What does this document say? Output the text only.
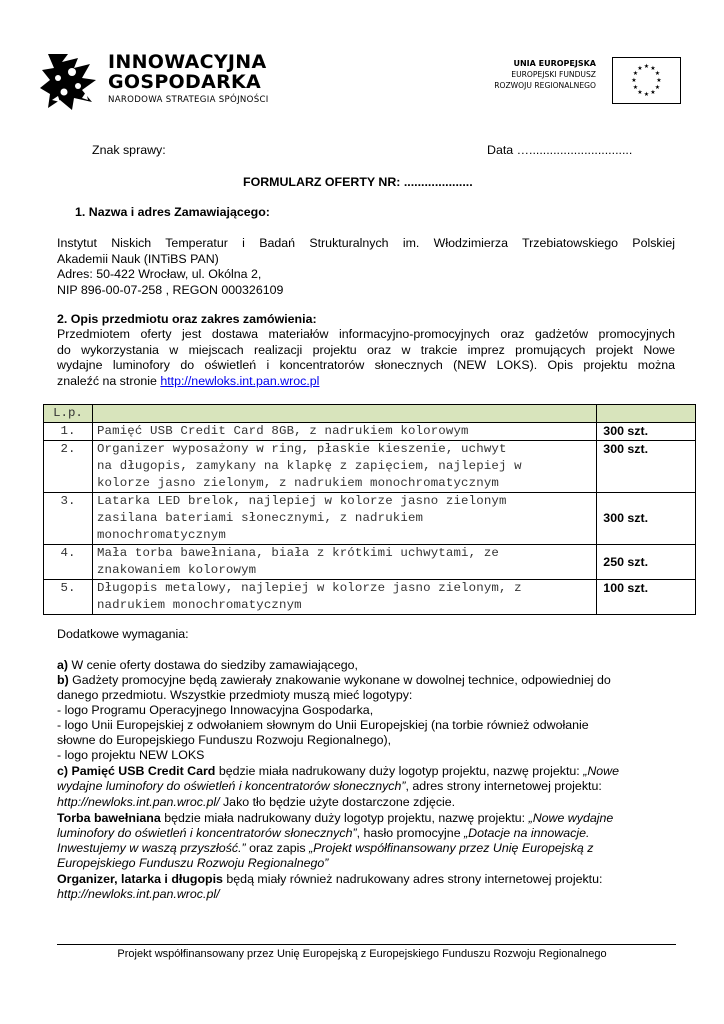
INNOWACYJNA
GOSPODARKA
NARODOWA STRATEGIA SPÓJNOŚCI
UNIA EUROPEJSKA
EUROPEJSKI FUNDUSZ
ROZWOJU REGIONALNEGO
★ ★
★
★
★
★
★
★
★
★
★
★
Znak sprawy:	Data …..............................
FORMULARZ OFERTY NR: ....................
1. Nazwa i adres Zamawiającego:
Instytut Niskich Temperatur i Badań Strukturalnych im. Włodzimierza Trzebiatowskiego Polskiej
Akademii Nauk (INTiBS PAN)
Adres: 50-422 Wrocław, ul. Okólna 2,
NIP 896-00-07-258 , REGON 000326109
2. Opis przedmiotu oraz zakres zamówienia:
Przedmiotem oferty jest dostawa materiałów informacyjno-promocyjnych oraz gadżetów promocyjnych
do wykorzystania w miejscach realizacji projektu oraz w trakcie imprez promujących projekt Nowe
wydajne luminofory do oświetleń i koncentratorów słonecznych (NEW LOKS). Opis projektu można
znaleźć na stronie http://newloks.int.pan.wroc.pl
L.p.		
1.	Pamięć USB Credit Card 8GB, z nadrukiem kolorowym	300 szt.
2.	Organizer wyposażony w ring, płaskie kieszenie, uchwyt
na długopis, zamykany na klapkę z zapięciem, najlepiej w
kolorze jasno zielonym, z nadrukiem monochromatycznym	300 szt.
3.	Latarka LED brelok, najlepiej w kolorze jasno zielonym
zasilana bateriami słonecznymi, z nadrukiem
monochromatycznym	300 szt.
4.	Mała torba bawełniana, biała z krótkimi uchwytami, ze
znakowaniem kolorowym	250 szt.
5.	Długopis metalowy, najlepiej w kolorze jasno zielonym, z
nadrukiem monochromatycznym	100 szt.
Dodatkowe wymagania:
a) W cenie oferty dostawa do siedziby zamawiającego,
b) Gadżety promocyjne będą zawierały znakowanie wykonane w dowolnej technice, odpowiedniej do
danego przedmiotu. Wszystkie przedmioty muszą mieć logotypy:
- logo Programu Operacyjnego Innowacyjna Gospodarka,
- logo Unii Europejskiej z odwołaniem słownym do Unii Europejskiej (na torbie również odwołanie
słowne do Europejskiego Funduszu Rozwoju Regionalnego),
- logo projektu NEW LOKS
c) Pamięć USB Credit Card będzie miała nadrukowany duży logotyp projektu, nazwę projektu: „Nowe
wydajne luminofory do oświetleń i koncentratorów słonecznych”, adres strony internetowej projektu:
http://newloks.int.pan.wroc.pl/ Jako tło będzie użyte dostarczone zdjęcie.
Torba bawełniana będzie miała nadrukowany duży logotyp projektu, nazwę projektu: „Nowe wydajne
luminofory do oświetleń i koncentratorów słonecznych”, hasło promocyjne „Dotacje na innowacje.
Inwestujemy w waszą przyszłość.” oraz zapis „Projekt współfinansowany przez Unię Europejską z
Europejskiego Funduszu Rozwoju Regionalnego”
Organizer, latarka i długopis będą miały również nadrukowany adres strony internetowej projektu:
http://newloks.int.pan.wroc.pl/
Projekt współfinansowany przez Unię Europejską z Europejskiego Funduszu Rozwoju Regionalnego
